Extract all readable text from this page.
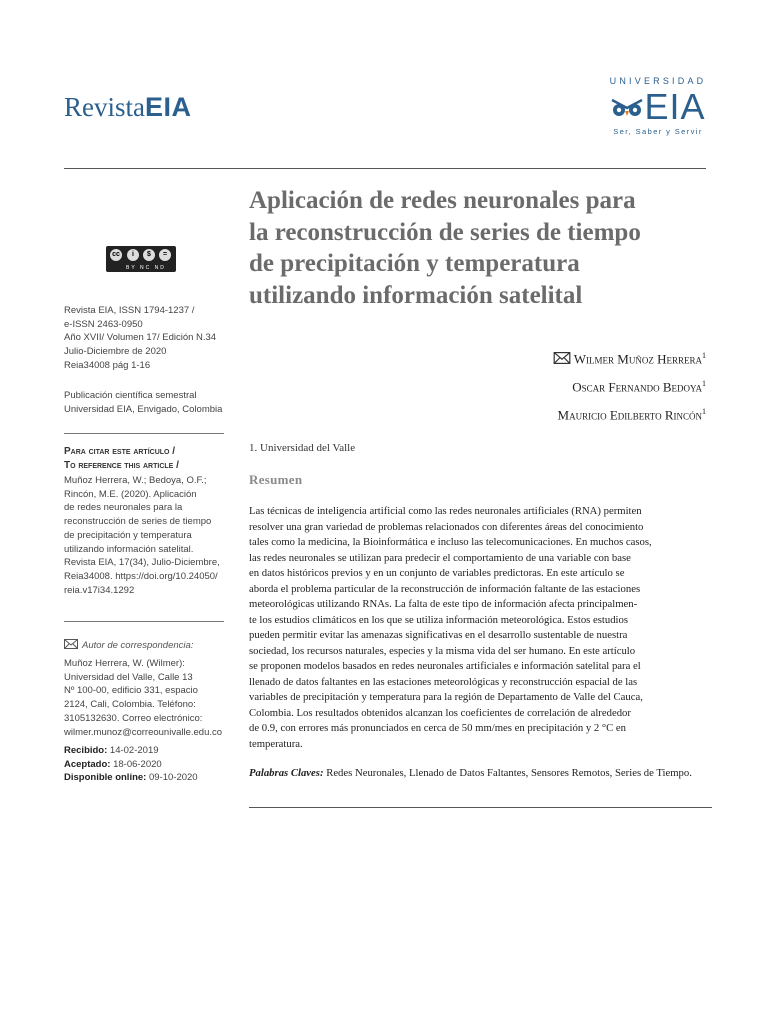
RevistaEIA
UNIVERSIDAD
EIA
Ser, Saber y Servir
cc	i	$	=
BY NC ND
Revista EIA, ISSN 1794-1237 /
e-ISSN 2463-0950
Año XVII/ Volumen 17/ Edición N.34
Julio-Diciembre de 2020
Reia34008 pág 1-16
Publicación científica semestral
Universidad EIA, Envigado, Colombia
Para citar este artículo /
To reference this article /
Muñoz Herrera, W.; Bedoya, O.F.;
Rincón, M.E. (2020). Aplicación
de redes neuronales para la
reconstrucción de series de tiempo
de precipitación y temperatura
utilizando información satelital.
Revista EIA, 17(34), Julio-Diciembre,
Reia34008. https://doi.org/10.24050/
reia.v17i34.1292
Autor de correspondencia:
Muñoz Herrera, W. (Wilmer):
Universidad del Valle, Calle 13
Nº 100-00, edificio 331, espacio
2124, Cali, Colombia. Teléfono:
3105132630. Correo electrónico:
wilmer.munoz@correounivalle.edu.co
Recibido: 14-02-2019
Aceptado: 18-06-2020
Disponible online: 09-10-2020
Aplicación de redes neuronales para
la reconstrucción de series de tiempo
de precipitación y temperatura
utilizando información satelital
Wilmer Muñoz Herrera$^1$
Oscar Fernando Bedoya$^1$
Mauricio Edilberto Rincón$^1$
1. Universidad del Valle
Resumen
Las técnicas de inteligencia artificial como las redes neuronales artificiales (RNA) permiten
resolver una gran variedad de problemas relacionados con diferentes áreas del conocimiento
tales como la medicina, la Bioinformática e incluso las telecomunicaciones. En muchos casos,
las redes neuronales se utilizan para predecir el comportamiento de una variable con base
en datos históricos previos y en un conjunto de variables predictoras. En este artículo se
aborda el problema particular de la reconstrucción de información faltante de las estaciones
meteorológicas utilizando RNAs. La falta de este tipo de información afecta principalmen-
te los estudios climáticos en los que se utiliza información meteorológica. Estos estudios
pueden permitir evitar las amenazas significativas en el desarrollo sustentable de nuestra
sociedad, los recursos naturales, especies y la misma vida del ser humano. En este artículo
se proponen modelos basados en redes neuronales artificiales e información satelital para el
llenado de datos faltantes en las estaciones meteorológicas y reconstrucción espacial de las
variables de precipitación y temperatura para la región de Departamento de Valle del Cauca,
Colombia. Los resultados obtenidos alcanzan los coeficientes de correlación de alrededor
de 0.9, con errores más pronunciados en cerca de 50 mm/mes en precipitación y 2 °C en
temperatura.
Palabras Claves: Redes Neuronales, Llenado de Datos Faltantes, Sensores Remotos, Series de Tiempo.
